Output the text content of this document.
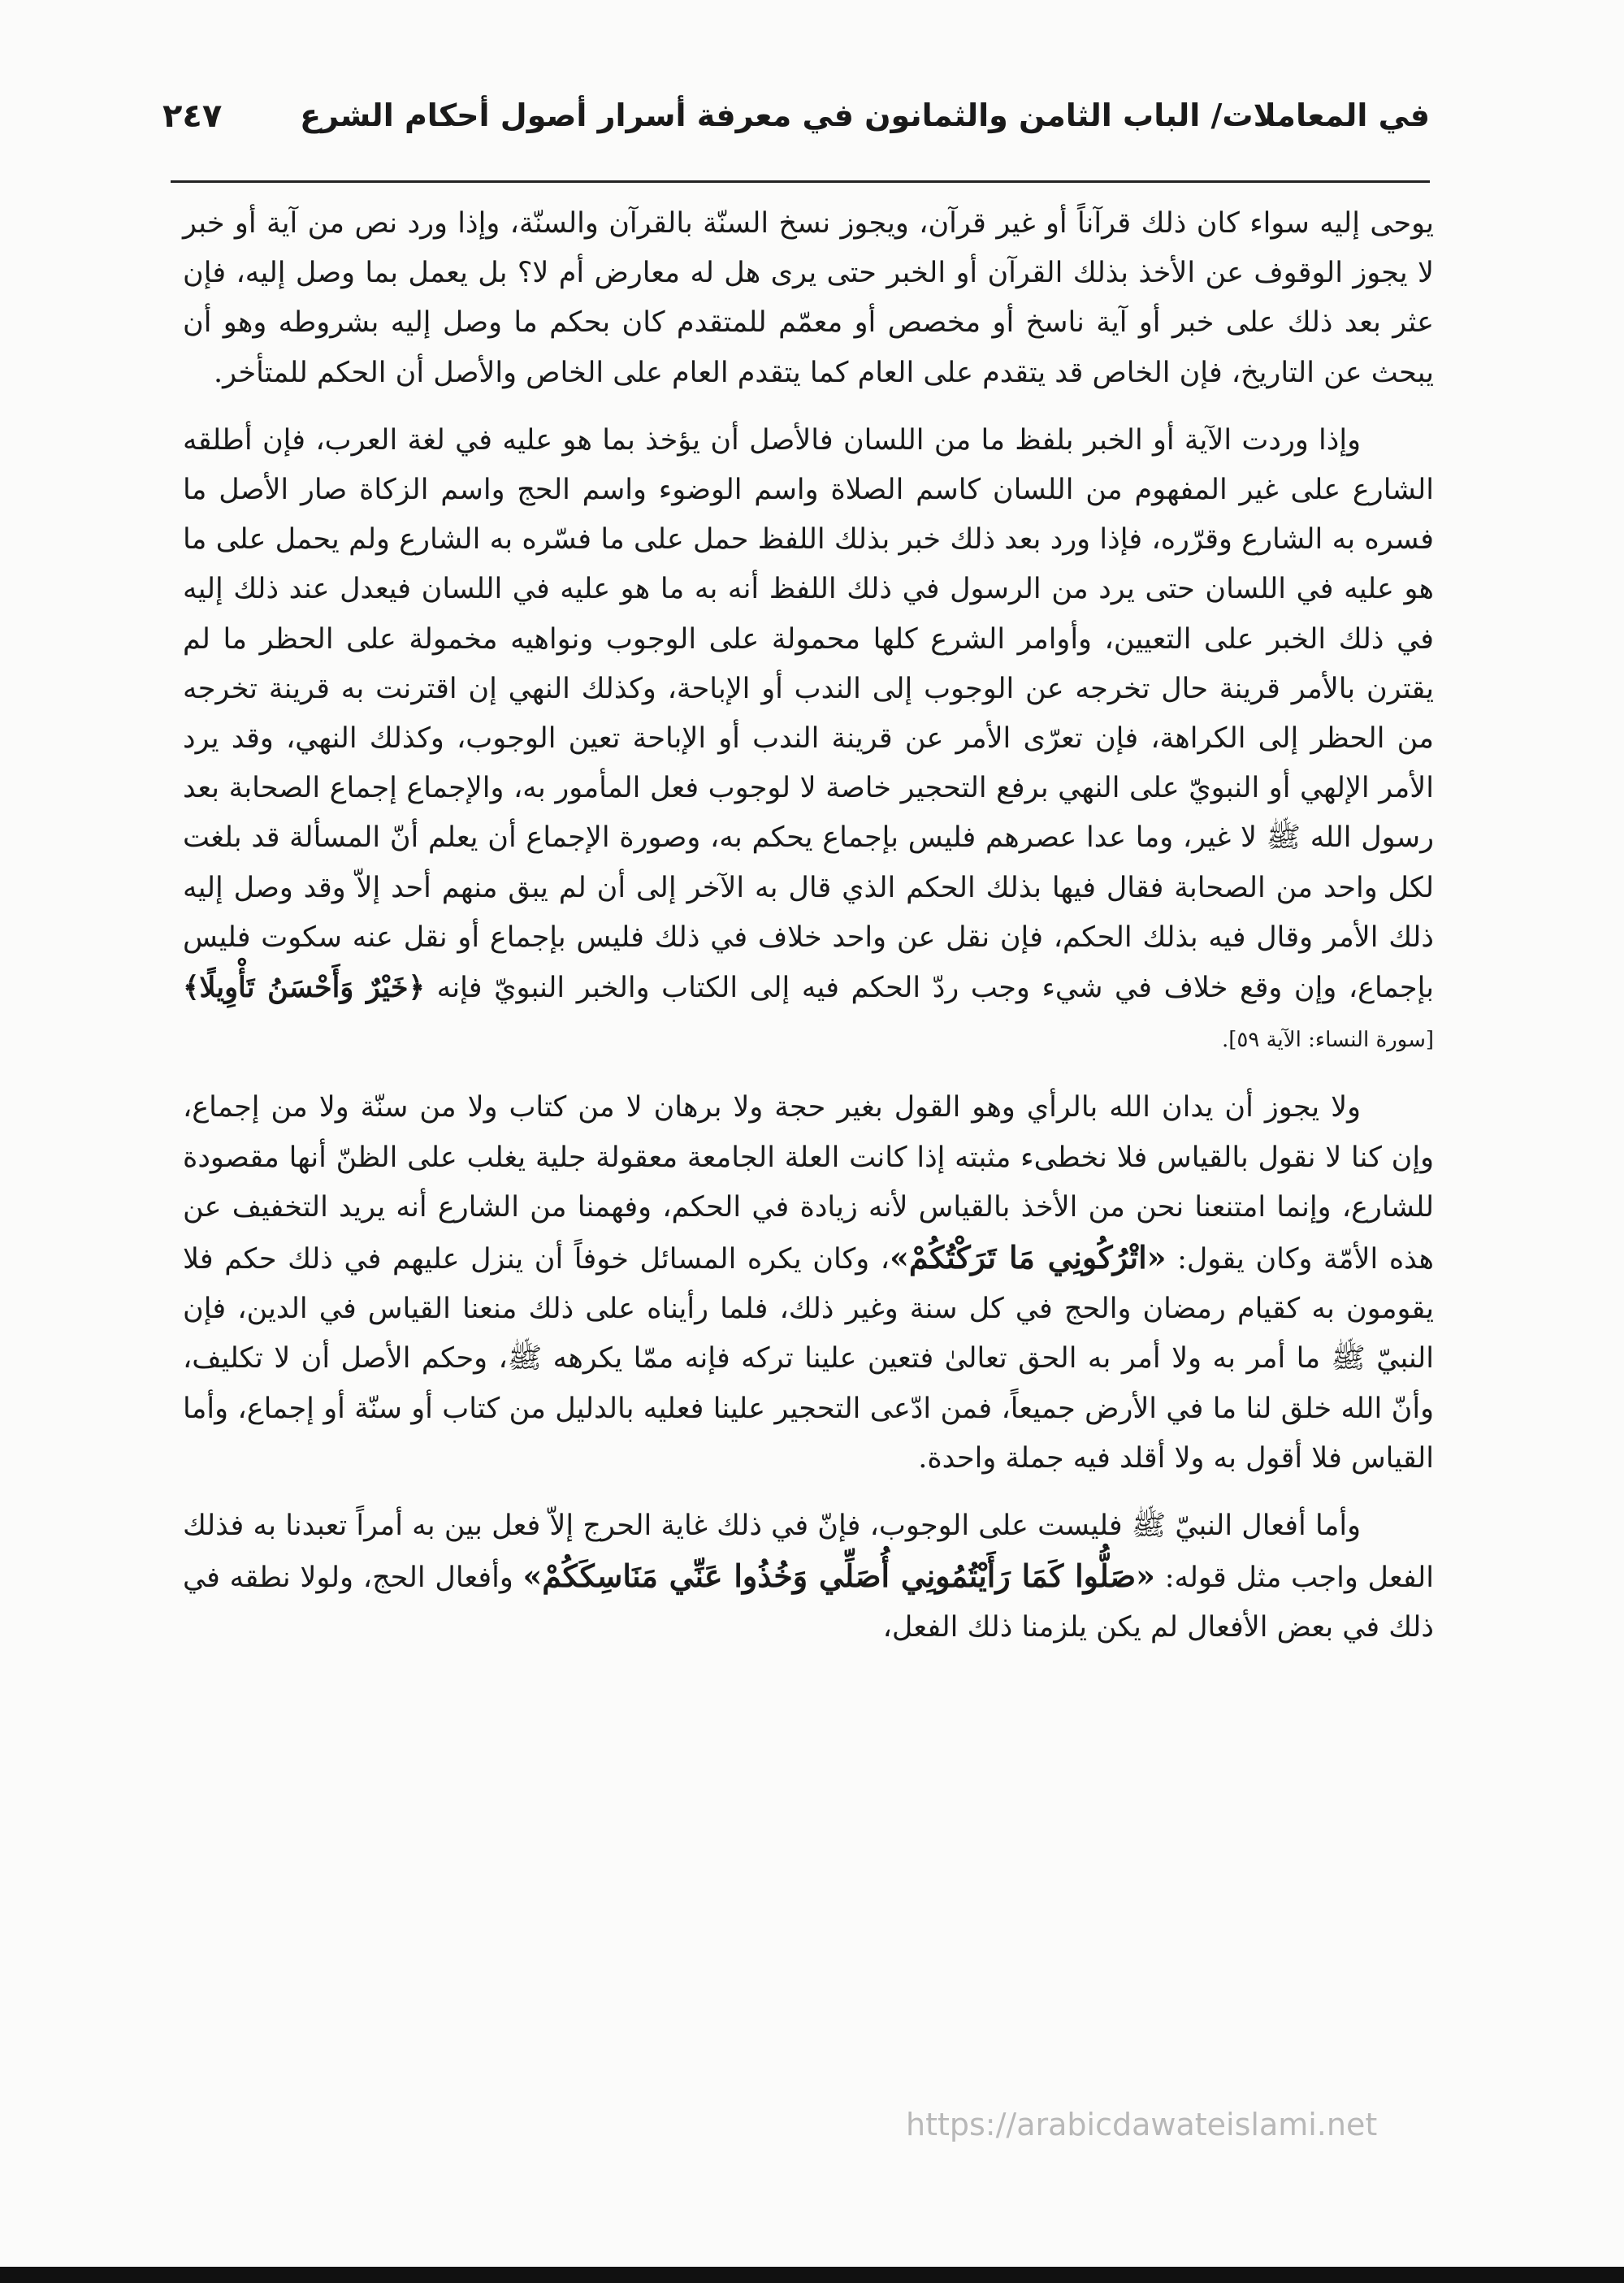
في المعاملات/ الباب الثامن والثمانون في معرفة أسرار أصول أحكام الشرع
٢٤٧

يوحى إليه سواء كان ذلك قرآناً أو غير قرآن، ويجوز نسخ السنّة بالقرآن والسنّة، وإذا ورد نص من آية أو خبر لا يجوز الوقوف عن الأخذ بذلك القرآن أو الخبر حتى يرى هل له معارض أم لا؟ بل يعمل بما وصل إليه، فإن عثر بعد ذلك على خبر أو آية ناسخ أو مخصص أو معمّم للمتقدم كان بحكم ما وصل إليه بشروطه وهو أن يبحث عن التاريخ، فإن الخاص قد يتقدم على العام كما يتقدم العام على الخاص والأصل أن الحكم للمتأخر.

وإذا وردت الآية أو الخبر بلفظ ما من اللسان فالأصل أن يؤخذ بما هو عليه في لغة العرب، فإن أطلقه الشارع على غير المفهوم من اللسان كاسم الصلاة واسم الوضوء واسم الحج واسم الزكاة صار الأصل ما فسره به الشارع وقرّره، فإذا ورد بعد ذلك خبر بذلك اللفظ حمل على ما فسّره به الشارع ولم يحمل على ما هو عليه في اللسان حتى يرد من الرسول في ذلك اللفظ أنه به ما هو عليه في اللسان فيعدل عند ذلك إليه في ذلك الخبر على التعيين، وأوامر الشرع كلها محمولة على الوجوب ونواهيه مخمولة على الحظر ما لم يقترن بالأمر قرينة حال تخرجه عن الوجوب إلى الندب أو الإباحة، وكذلك النهي إن اقترنت به قرينة تخرجه من الحظر إلى الكراهة، فإن تعرّى الأمر عن قرينة الندب أو الإباحة تعين الوجوب، وكذلك النهي، وقد يرد الأمر الإلهي أو النبويّ على النهي برفع التحجير خاصة لا لوجوب فعل المأمور به، والإجماع إجماع الصحابة بعد رسول الله ﷺ لا غير، وما عدا عصرهم فليس بإجماع يحكم به، وصورة الإجماع أن يعلم أنّ المسألة قد بلغت لكل واحد من الصحابة فقال فيها بذلك الحكم الذي قال به الآخر إلى أن لم يبق منهم أحد إلاّ وقد وصل إليه ذلك الأمر وقال فيه بذلك الحكم، فإن نقل عن واحد خلاف في ذلك فليس بإجماع أو نقل عنه سكوت فليس بإجماع، وإن وقع خلاف في شيء وجب ردّ الحكم فيه إلى الكتاب والخبر النبويّ فإنه ﴿خَيْرٌ وَأَحْسَنُ تَأْوِيلًا﴾ [سورة النساء: الآية ٥٩].

ولا يجوز أن يدان الله بالرأي وهو القول بغير حجة ولا برهان لا من كتاب ولا من سنّة ولا من إجماع، وإن كنا لا نقول بالقياس فلا نخطىء مثبته إذا كانت العلة الجامعة معقولة جلية يغلب على الظنّ أنها مقصودة للشارع، وإنما امتنعنا نحن من الأخذ بالقياس لأنه زيادة في الحكم، وفهمنا من الشارع أنه يريد التخفيف عن هذه الأمّة وكان يقول: «اتْرُكُونِي مَا تَرَكْتُكُمْ»، وكان يكره المسائل خوفاً أن ينزل عليهم في ذلك حكم فلا يقومون به كقيام رمضان والحج في كل سنة وغير ذلك، فلما رأيناه على ذلك منعنا القياس في الدين، فإن النبيّ ﷺ ما أمر به ولا أمر به الحق تعالىٰ فتعين علينا تركه فإنه ممّا يكرهه ﷺ، وحكم الأصل أن لا تكليف، وأنّ الله خلق لنا ما في الأرض جميعاً، فمن ادّعى التحجير علينا فعليه بالدليل من كتاب أو سنّة أو إجماع، وأما القياس فلا أقول به ولا أقلد فيه جملة واحدة.

وأما أفعال النبيّ ﷺ فليست على الوجوب، فإنّ في ذلك غاية الحرج إلاّ فعل بين به أمراً تعبدنا به فذلك الفعل واجب مثل قوله: «صَلُّوا كَمَا رَأَيْتُمُونِي أُصَلِّي وَخُذُوا عَنِّي مَنَاسِكَكُمْ» وأفعال الحج، ولولا نطقه في ذلك في بعض الأفعال لم يكن يلزمنا ذلك الفعل،

https://arabicdawateislami.net
